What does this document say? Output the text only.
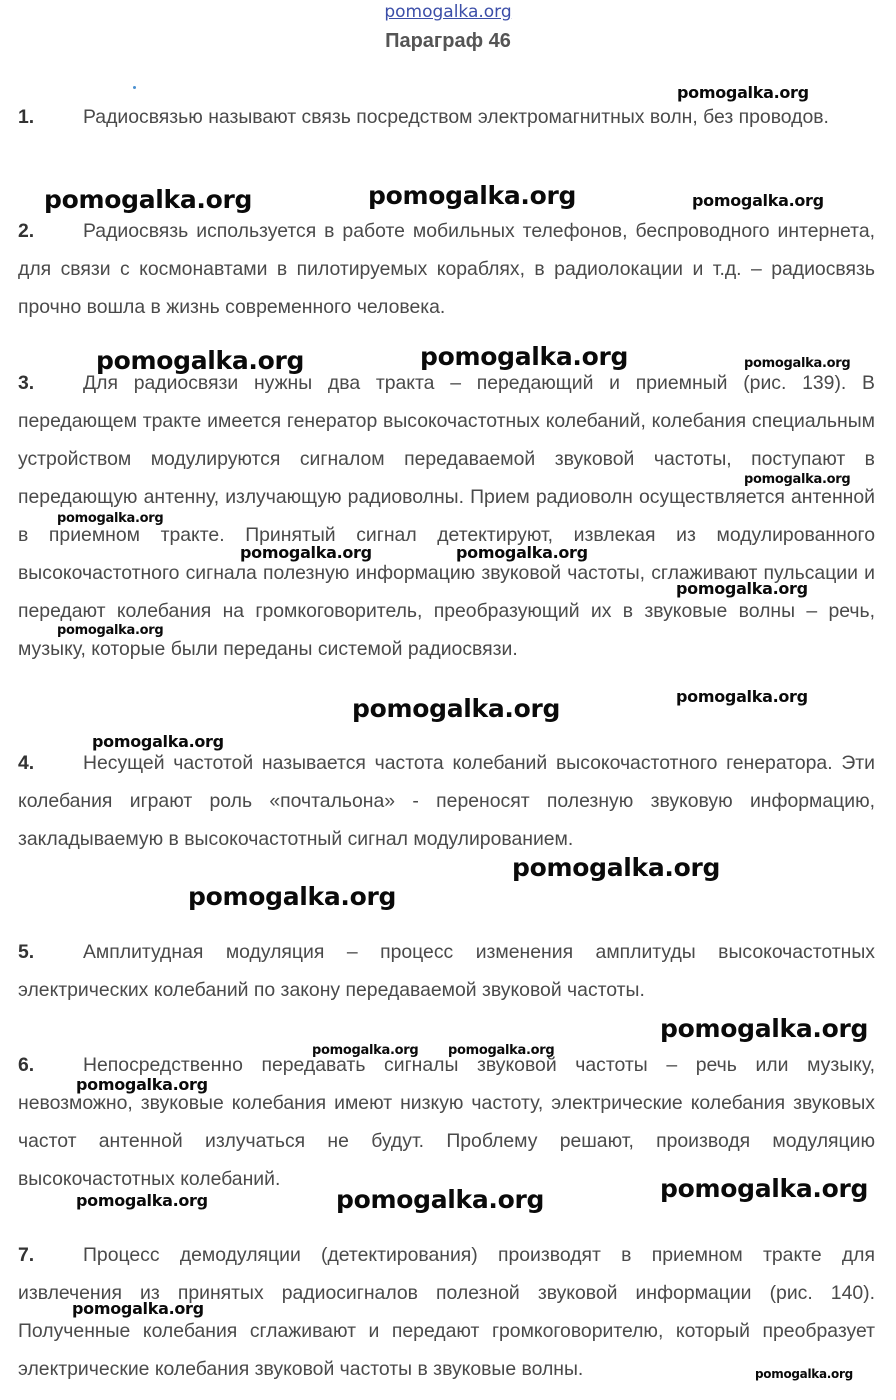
pomogalka.org
Параграф 46

1.	Радиосвязью называют связь посредством электромагнитных волн, без проводов.

2.	Радиосвязь используется в работе мобильных телефонов, беспроводного интернета, для связи с космонавтами в пилотируемых кораблях, в радиолокации и т.д. – радиосвязь прочно вошла в жизнь современного человека.

3.	Для радиосвязи нужны два тракта – передающий и приемный (рис. 139). В передающем тракте имеется генератор высокочастотных колебаний, колебания специальным устройством модулируются сигналом передаваемой звуковой частоты, поступают в передающую антенну, излучающую радиоволны. Прием радиоволн осуществляется антенной в приемном тракте. Принятый сигнал детектируют, извлекая из модулированного высокочастотного сигнала полезную информацию звуковой частоты, сглаживают пульсации и передают колебания на громкоговоритель, преобразующий их в звуковые волны – речь, музыку, которые были переданы системой радиосвязи.

4.	Несущей частотой называется частота колебаний высокочастотного генератора. Эти колебания играют роль «почтальона» - переносят полезную звуковую информацию, закладываемую в высокочастотный сигнал модулированием.

5.	Амплитудная модуляция – процесс изменения амплитуды высокочастотных электрических колебаний по закону передаваемой звуковой частоты.

6.	Непосредственно передавать сигналы звуковой частоты – речь или музыку, невозможно, звуковые колебания имеют низкую частоту, электрические колебания звуковых частот антенной излучаться не будут. Проблему решают, производя модуляцию высокочастотных колебаний.

7.	Процесс демодуляции (детектирования) производят в приемном тракте для извлечения из принятых радиосигналов полезной звуковой информации (рис. 140). Полученные колебания сглаживают и передают громкоговорителю, который преобразует электрические колебания звуковой частоты в звуковые волны.

pomogalka.org
pomogalka.org	pomogalka.org	pomogalka.org
pomogalka.org	pomogalka.org	pomogalka.org
pomogalka.org
pomogalka.org
pomogalka.org	pomogalka.org
pomogalka.org
pomogalka.org
pomogalka.org
pomogalka.org
pomogalka.org
pomogalka.org
pomogalka.org
pomogalka.org
pomogalka.org pomogalka.org
pomogalka.org
pomogalka.org
pomogalka.org	pomogalka.org
pomogalka.org
pomogalka.org
